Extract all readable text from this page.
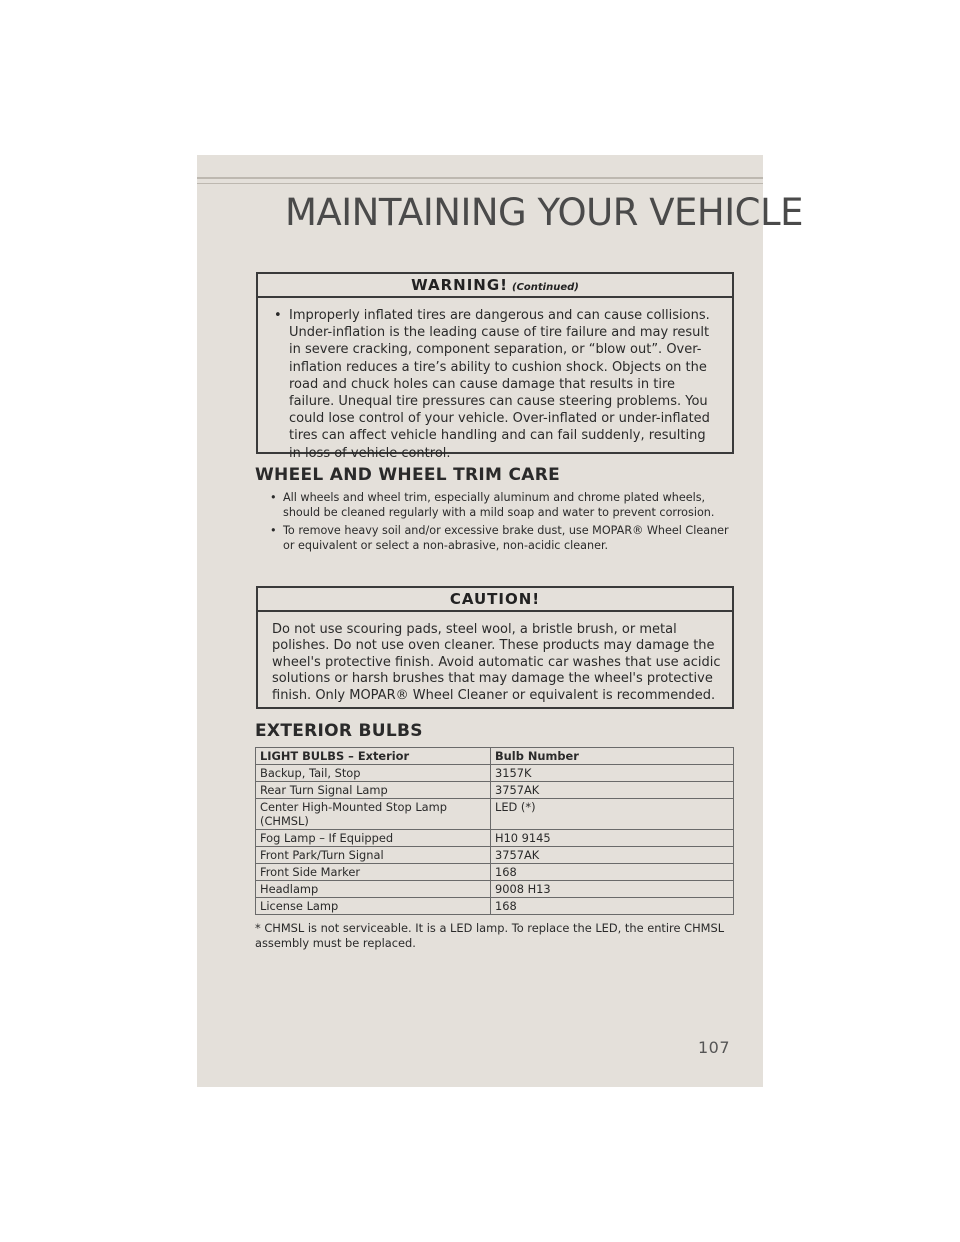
MAINTAINING YOUR VEHICLE
WARNING! (Continued)
• Improperly inflated tires are dangerous and can cause collisions. Under-inflation is the leading cause of tire failure and may result in severe cracking, component separation, or “blow out”. Over-inflation reduces a tire’s ability to cushion shock. Objects on the road and chuck holes can cause damage that results in tire failure. Unequal tire pressures can cause steering problems. You could lose control of your vehicle. Over-inflated or under-inflated tires can affect vehicle handling and can fail suddenly, resulting in loss of vehicle control.
WHEEL AND WHEEL TRIM CARE
• All wheels and wheel trim, especially aluminum and chrome plated wheels, should be cleaned regularly with a mild soap and water to prevent corrosion.
• To remove heavy soil and/or excessive brake dust, use MOPAR® Wheel Cleaner or equivalent or select a non-abrasive, non-acidic cleaner.
CAUTION!
Do not use scouring pads, steel wool, a bristle brush, or metal polishes. Do not use oven cleaner. These products may damage the wheel's protective finish. Avoid automatic car washes that use acidic solutions or harsh brushes that may damage the wheel's protective finish. Only MOPAR® Wheel Cleaner or equivalent is recommended.
EXTERIOR BULBS
LIGHT BULBS – Exterior	Bulb Number
Backup, Tail, Stop	3157K
Rear Turn Signal Lamp	3757AK
Center High-Mounted Stop Lamp (CHMSL)	LED (*)
Fog Lamp – If Equipped	H10 9145
Front Park/Turn Signal	3757AK
Front Side Marker	168
Headlamp	9008 H13
License Lamp	168
* CHMSL is not serviceable. It is a LED lamp. To replace the LED, the entire CHMSL assembly must be replaced.
107
